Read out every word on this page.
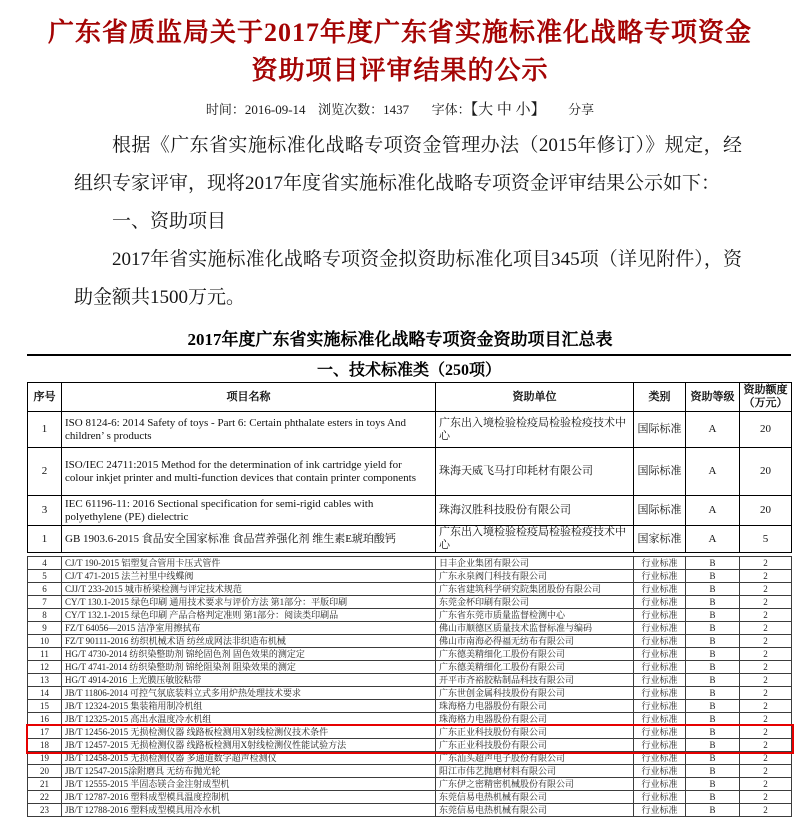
广东省质监局关于2017年度广东省实施标准化战略专项资金
资助项目评审结果的公示
时间：2016-09-14 浏览次数：1437 字体：【大 中 小】 分享

根据《广东省实施标准化战略专项资金管理办法（2015年修订）》规定，经组织专家评审，现将2017年度省实施标准化战略专项资金评审结果公示如下：

一、资助项目

2017年省实施标准化战略专项资金拟资助标准化项目345项（详见附件），资助金额共1500万元。

2017年度广东省实施标准化战略专项资金资助项目汇总表
一、技术标准类（250项）
序号	项目名称	资助单位	类别	资助等级	资助额度（万元）
1	ISO 8124-6: 2014 Safety of toys - Part 6: Certain phthalate esters in toys And children’ s products	广东出入境检验检疫局检验检疫技术中心	国际标准	A	20
2	ISO/IEC 24711:2015 Method for the determination of ink cartridge yield for colour inkjet printer and multi-function devices that contain printer components	珠海天威飞马打印耗材有限公司	国际标准	A	20
3	IEC 61196-11: 2016 Sectional specification for semi-rigid cables with polyethylene (PE) dielectric	珠海汉胜科技股份有限公司	国际标准	A	20
1	GB 1903.6-2015 食品安全国家标准 食品营养强化剂 维生素E琥珀酸钙	广东出入境检验检疫局检验检疫技术中心	国家标准	A	5
4	CJ/T 190-2015 铝塑复合管用卡压式管件	日丰企业集团有限公司	行业标准	B	2
5	CJ/T 471-2015 法兰衬里中线蝶阀	广东永泉阀门科技有限公司	行业标准	B	2
6	CJJ/T 233-2015 城市桥梁检测与评定技术规范	广东省建筑科学研究院集团股份有限公司	行业标准	B	2
7	CY/T 130.1-2015 绿色印刷 通用技术要求与评价方法 第1部分：平版印刷	东莞金杯印刷有限公司	行业标准	B	2
8	CY/T 132.1-2015 绿色印刷 产品合格判定准则 第1部分：阅读类印刷品	广东省东莞市质量监督检测中心	行业标准	B	2
9	FZ/T 64056—2015 洁净室用擦拭布	佛山市顺德区质量技术监督标准与编码	行业标准	B	2
10	FZ/T 90111-2016 纺织机械术语 纺丝成网法非织造布机械	佛山市南海必得福无纺布有限公司	行业标准	B	2
11	HG/T 4730-2014 纺织染整助剂 锦纶固色剂 固色效果的测定定	广东德美精细化工股份有限公司	行业标准	B	2
12	HG/T 4741-2014 纺织染整助剂 锦纶阻染剂 阻染效果的测定	广东德美精细化工股份有限公司	行业标准	B	2
13	HG/T 4914-2016 上光膜压敏胶粘带	开平市齐裕胶粘制品科技有限公司	行业标准	B	2
14	JB/T 11806-2014 可控气氛底装料立式多用炉热处理技术要求	广东世创金属科技股份有限公司	行业标准	B	2
15	JB/T 12324-2015 集装箱用制冷机组	珠海格力电器股份有限公司	行业标准	B	2
16	JB/T 12325-2015 高出水温度冷水机组	珠海格力电器股份有限公司	行业标准	B	2
17	JB/T 12456-2015 无损检测仪器 线路板检测用X射线检测仪技术条件	广东正业科技股份有限公司	行业标准	B	2
18	JB/T 12457-2015 无损检测仪器 线路板检测用X射线检测仪性能试验方法	广东正业科技股份有限公司	行业标准	B	2
19	JB/T 12458-2015 无损检测仪器 多通道数字超声检测仪	广东汕头超声电子股份有限公司	行业标准	B	2
20	JB/T 12547-2015涂附磨具 无纺布抛光轮	阳江市伟艺抛磨材料有限公司	行业标准	B	2
21	JB/T 12555-2015 半固态镁合金注射成型机	广东伊之密精密机械股份有限公司	行业标准	B	2
22	JB/T 12787-2016 塑料成型模具温度控制机	东莞信易电热机械有限公司	行业标准	B	2
23	JB/T 12788-2016 塑料成型模具用冷水机	东莞信易电热机械有限公司	行业标准	B	2
